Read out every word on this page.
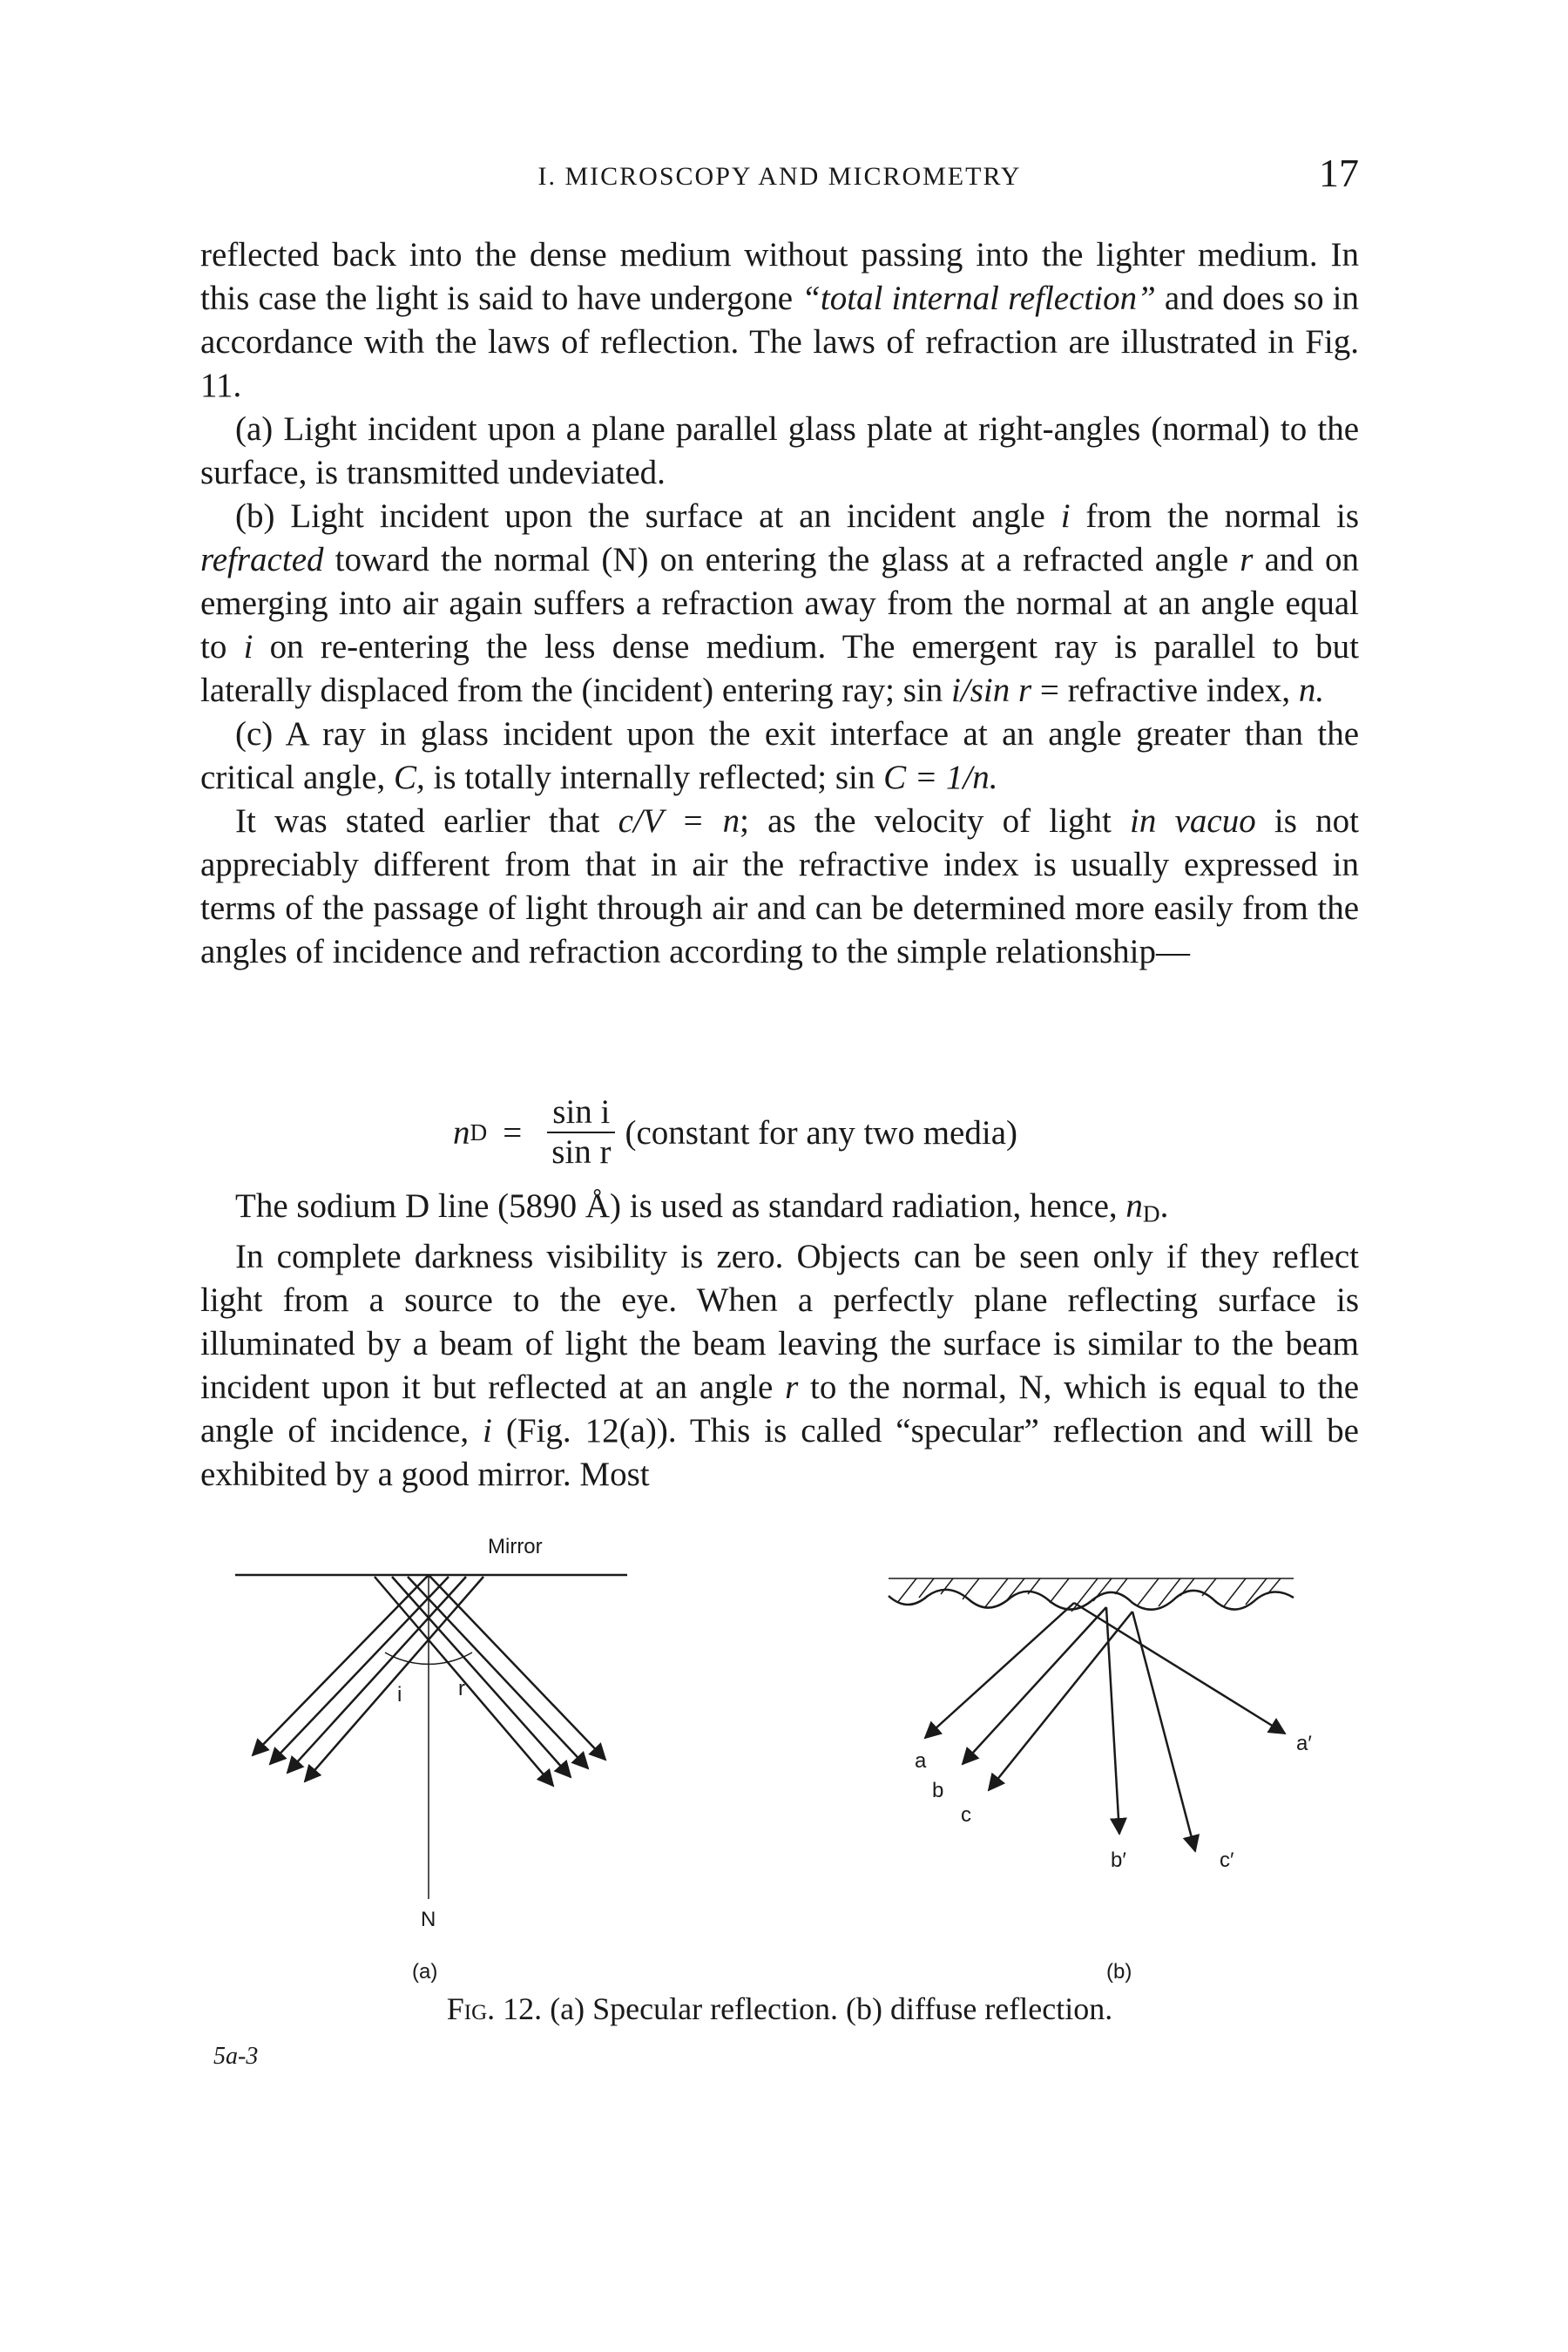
I. MICROSCOPY AND MICROMETRY	17

reflected back into the dense medium without passing into the lighter medium. In this case the light is said to have undergone “total internal reflection” and does so in accordance with the laws of reflection. The laws of refraction are illustrated in Fig. 11.

(a) Light incident upon a plane parallel glass plate at right-angles (normal) to the surface, is transmitted undeviated.

(b) Light incident upon the surface at an incident angle i from the normal is refracted toward the normal (N) on entering the glass at a refracted angle r and on emerging into air again suffers a refraction away from the normal at an angle equal to i on re-entering the less dense medium. The emergent ray is parallel to but laterally displaced from the (incident) entering ray; sin i/sin r = refractive index, n.

(c) A ray in glass incident upon the exit interface at an angle greater than the critical angle, C, is totally internally reflected; sin C = 1/n.

It was stated earlier that c/V = n; as the velocity of light in vacuo is not appreciably different from that in air the refractive index is usually expressed in terms of the passage of light through air and can be determined more easily from the angles of incidence and refraction according to the simple relationship—

n $D = \frac{\text{sin i}}{\text{sin r}}$ (constant for any two media)

The sodium D line (5890 Å) is used as standard radiation, hence, nD.

In complete darkness visibility is zero. Objects can be seen only if they reflect light from a source to the eye. When a perfectly plane reflecting surface is illuminated by a beam of light the beam leaving the surface is similar to the beam incident upon it but reflected at an angle r to the normal, N, which is equal to the angle of incidence, i (Fig. 12(a)). This is called “specular” reflection and will be exhibited by a good mirror. Most

Mirror
i	r
N
a
b
c
a′
b′	c′
(a)	(b)
Fig. 12. (a) Specular reflection. (b) diffuse reflection.
5a-3
